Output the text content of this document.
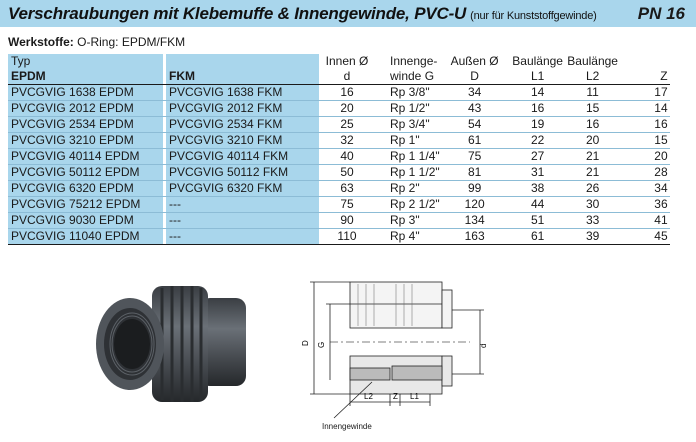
Verschraubungen mit Klebemuffe & Innengewinde, PVC-U (nur für Kunststoffgewinde) PN 16
Werkstoffe: O-Ring: EPDM/FKM
Typ				Innen Ø	Innenge-	Außen Ø	Baulänge	Baulänge	
EPDM		FKM		d	winde G	D	L1	L2	Z
PVCGVIG 1638 EPDM		PVCGVIG 1638 FKM		16	Rp 3/8"	34	14	11	17
PVCGVIG 2012 EPDM		PVCGVIG 2012 FKM		20	Rp 1/2"	43	16	15	14
PVCGVIG 2534 EPDM		PVCGVIG 2534 FKM		25	Rp 3/4"	54	19	16	16
PVCGVIG 3210 EPDM		PVCGVIG 3210 FKM		32	Rp 1"	61	22	20	15
PVCGVIG 40114 EPDM		PVCGVIG 40114 FKM		40	Rp 1 1/4"	75	27	21	20
PVCGVIG 50112 EPDM		PVCGVIG 50112 FKM		50	Rp 1 1/2"	81	31	21	28
PVCGVIG 6320 EPDM		PVCGVIG 6320 FKM		63	Rp 2"	99	38	26	34
PVCGVIG 75212 EPDM		---		75	Rp 2 1/2"	120	44	30	36
PVCGVIG 9030 EPDM		---		90	Rp 3"	134	51	33	41
PVCGVIG 11040 EPDM		---		110	Rp 4"	163	61	39	45
D G	d
L2	Z L1
Innengewinde
